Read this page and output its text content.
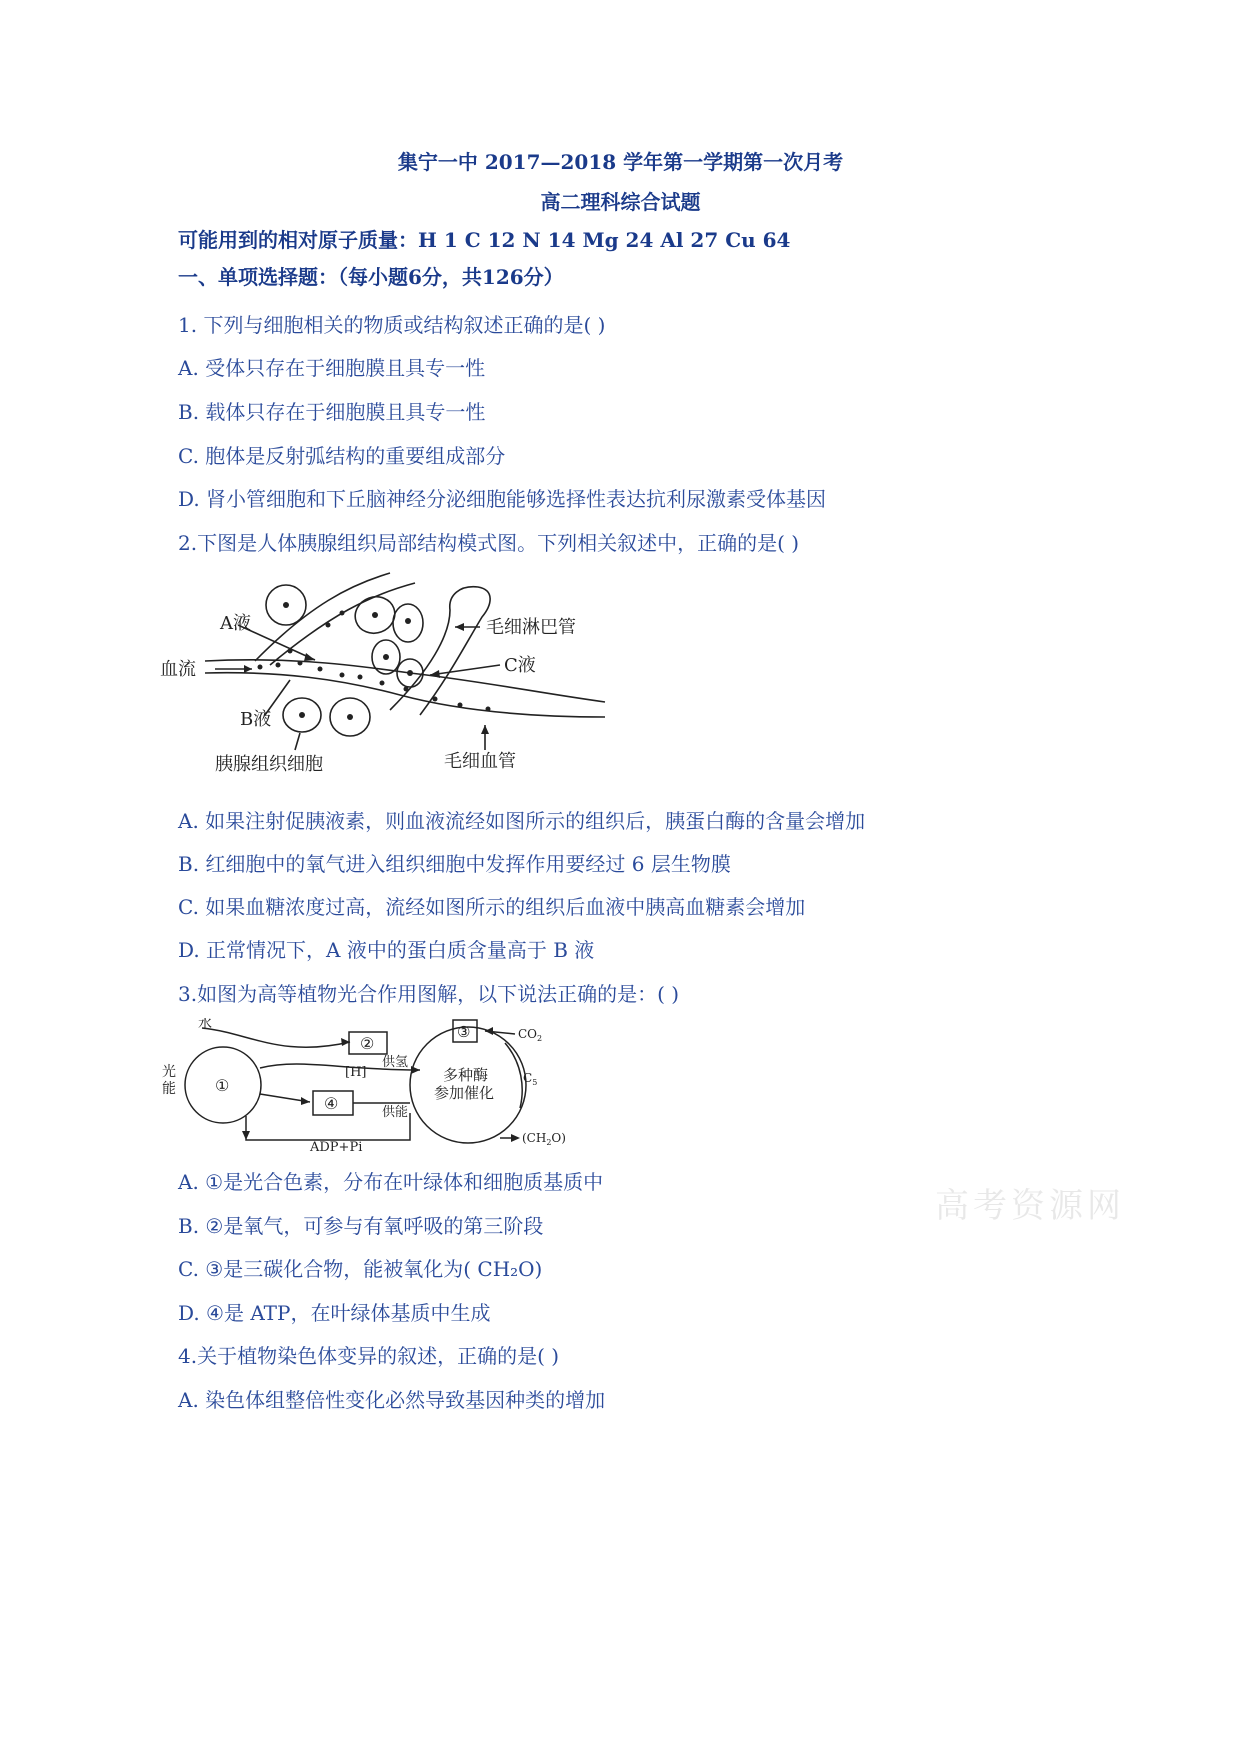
集宁一中 2017—2018 学年第一学期第一次月考
高二理科综合试题
可能用到的相对原子质量：H 1 C 12 N 14 Mg 24 Al 27 Cu 64
一、单项选择题：（每小题6分，共126分）
1. 下列与细胞相关的物质或结构叙述正确的是( )
A. 受体只存在于细胞膜且具专一性
B. 载体只存在于细胞膜且具专一性
C. 胞体是反射弧结构的重要组成部分
D. 肾小管细胞和下丘脑神经分泌细胞能够选择性表达抗利尿激素受体基因
2.下图是人体胰腺组织局部结构模式图。下列相关叙述中，正确的是( )
A液
血流
B液
胰腺组织细胞
毛细淋巴管
C液
毛细血管
A. 如果注射促胰液素，则血液流经如图所示的组织后，胰蛋白酶的含量会增加
B. 红细胞中的氧气进入组织细胞中发挥作用要经过 6 层生物膜
C. 如果血糖浓度过高，流经如图所示的组织后血液中胰高血糖素会增加
D. 正常情况下，A 液中的蛋白质含量高于 B 液
3.如图为高等植物光合作用图解，以下说法正确的是：( )
水
光
能 ①
②
④
③
[H]
供氢
供能
ADP+Pi
多种酶
参加催化
$CO_2$
$C_5$
$(CH_2O)$
高考资源网
A. ①是光合色素，分布在叶绿体和细胞质基质中
B. ②是氧气，可参与有氧呼吸的第三阶段
C. ③是三碳化合物，能被氧化为( CH₂O)
D. ④是 ATP，在叶绿体基质中生成
4.关于植物染色体变异的叙述，正确的是( )
A. 染色体组整倍性变化必然导致基因种类的增加
